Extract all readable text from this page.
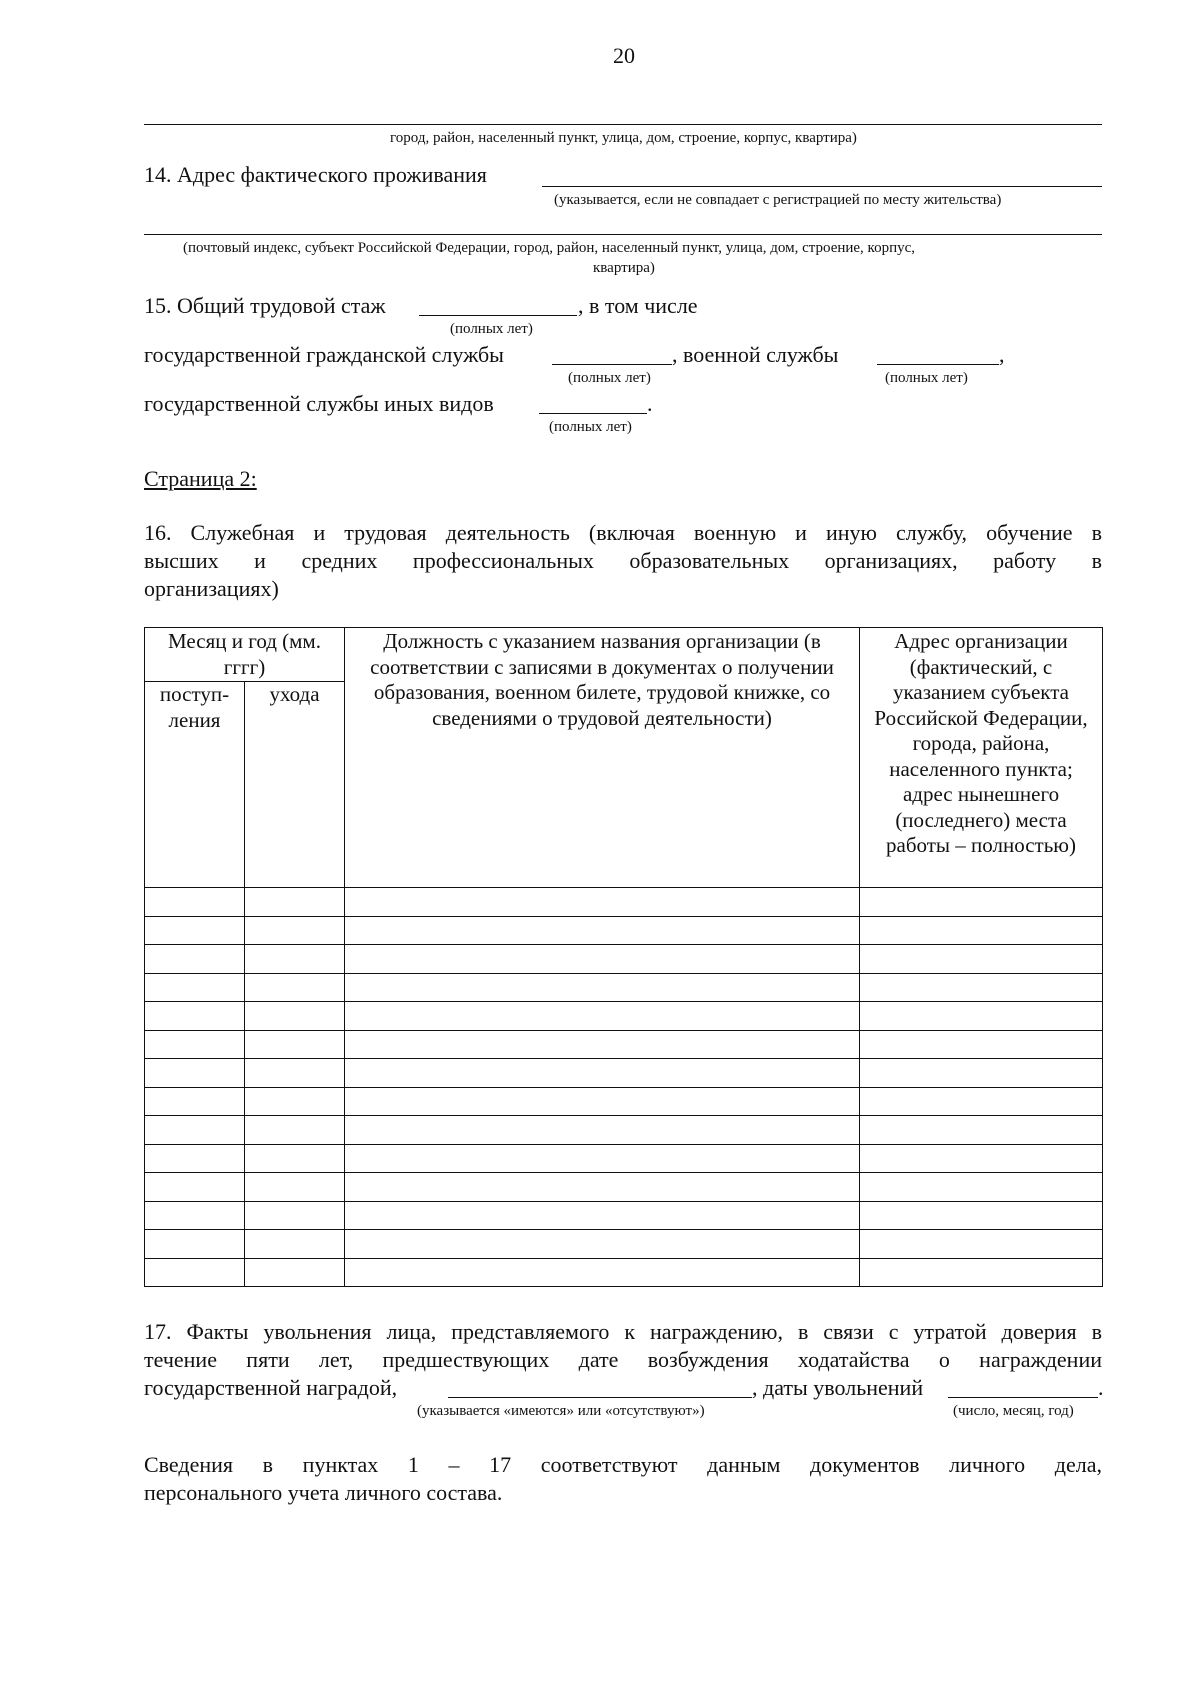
20
город, район, населенный пункт, улица, дом, строение, корпус, квартира)
14. Адрес фактического проживания
(указывается, если не совпадает с регистрацией по месту жительства)
(почтовый индекс, субъект Российской Федерации, город, район, населенный пункт, улица, дом, строение, корпус,
квартира)
15. Общий трудовой стаж	, в том числе
(полных лет)
государственной гражданской службы	, военной службы	,
(полных лет)	(полных лет)
государственной службы иных видов	.
(полных лет)
Страница 2:
16. Служебная и трудовая деятельность (включая военную и иную службу, обучение в
высших и средних профессиональных образовательных организациях, работу в
организациях)
Месяц и год (мм. гггг)		Должность с указанием названия организации (в соответствии с записями в документах о получении образования, военном билете, трудовой книжке, со сведениями о трудовой деятельности)	Адрес организации (фактический, с указанием субъекта Российской Федерации, города, района, населенного пункта; адрес нынешнего (последнего) места работы – полностью)
поступ-ления	ухода		

17. Факты увольнения лица, представляемого к награждению, в связи с утратой доверия в
течение пяти лет, предшествующих дате возбуждения ходатайства о награждении
государственной наградой,	, даты увольнений	.
(указывается «имеются» или «отсутствуют»)	(число, месяц, год)
Сведения в пунктах 1 – 17 соответствуют данным документов личного дела,
персонального учета личного состава.
